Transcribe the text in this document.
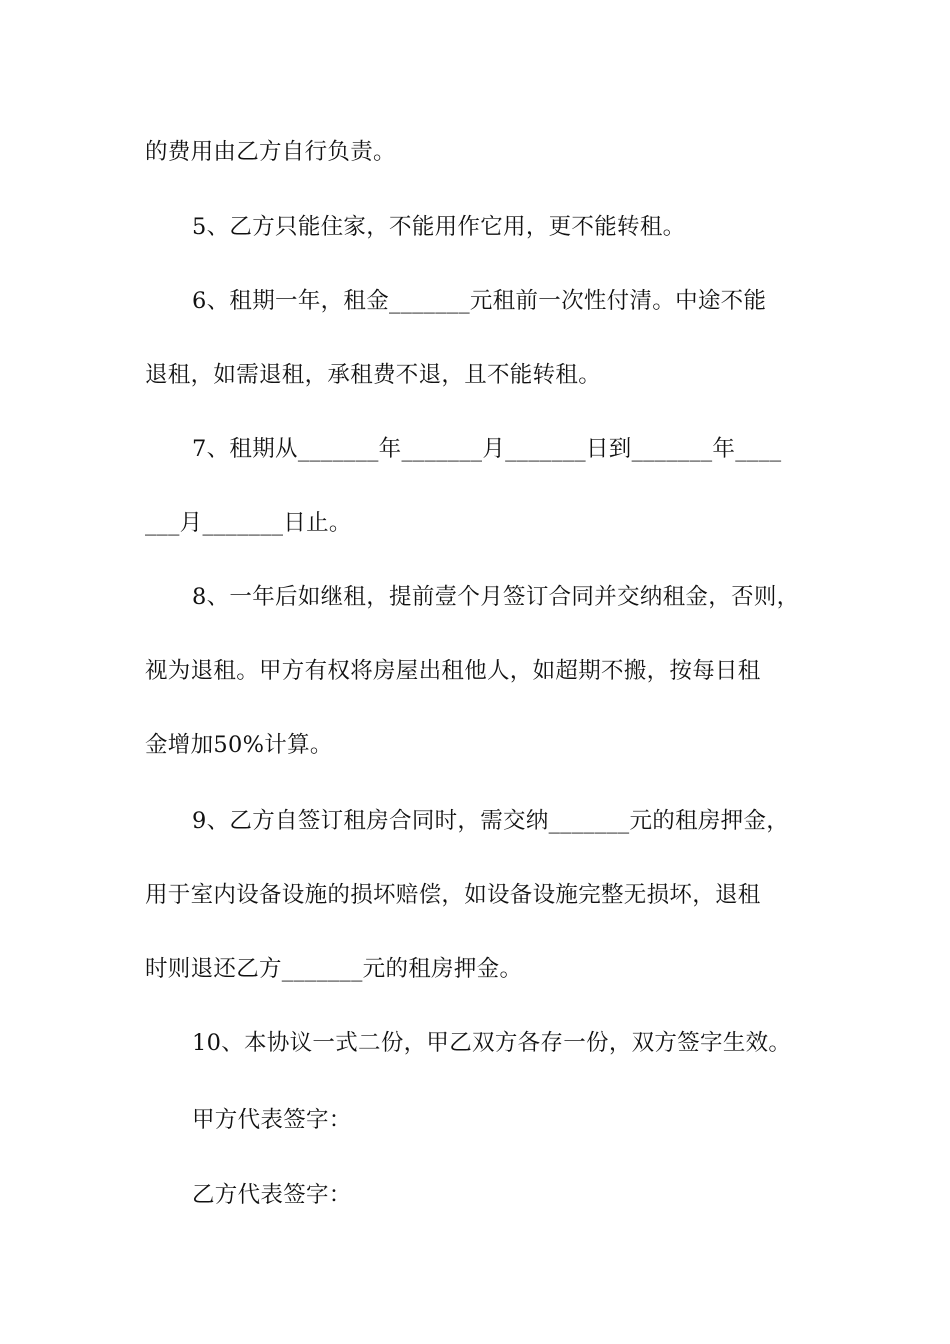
的费用由乙方自行负责。
5、乙方只能住家，不能用作它用，更不能转租。
6、租期一年，租金_______元租前一次性付清。中途不能
退租，如需退租，承租费不退，且不能转租。
7、租期从_______年_______月_______日到_______年____
___月_______日止。
8、一年后如继租，提前壹个月签订合同并交纳租金，否则，
视为退租。甲方有权将房屋出租他人，如超期不搬，按每日租
金增加50%计算。
9、乙方自签订租房合同时，需交纳_______元的租房押金，
用于室内设备设施的损坏赔偿，如设备设施完整无损坏，退租
时则退还乙方_______元的租房押金。
10、本协议一式二份，甲乙双方各存一份，双方签字生效。
甲方代表签字：
乙方代表签字：
